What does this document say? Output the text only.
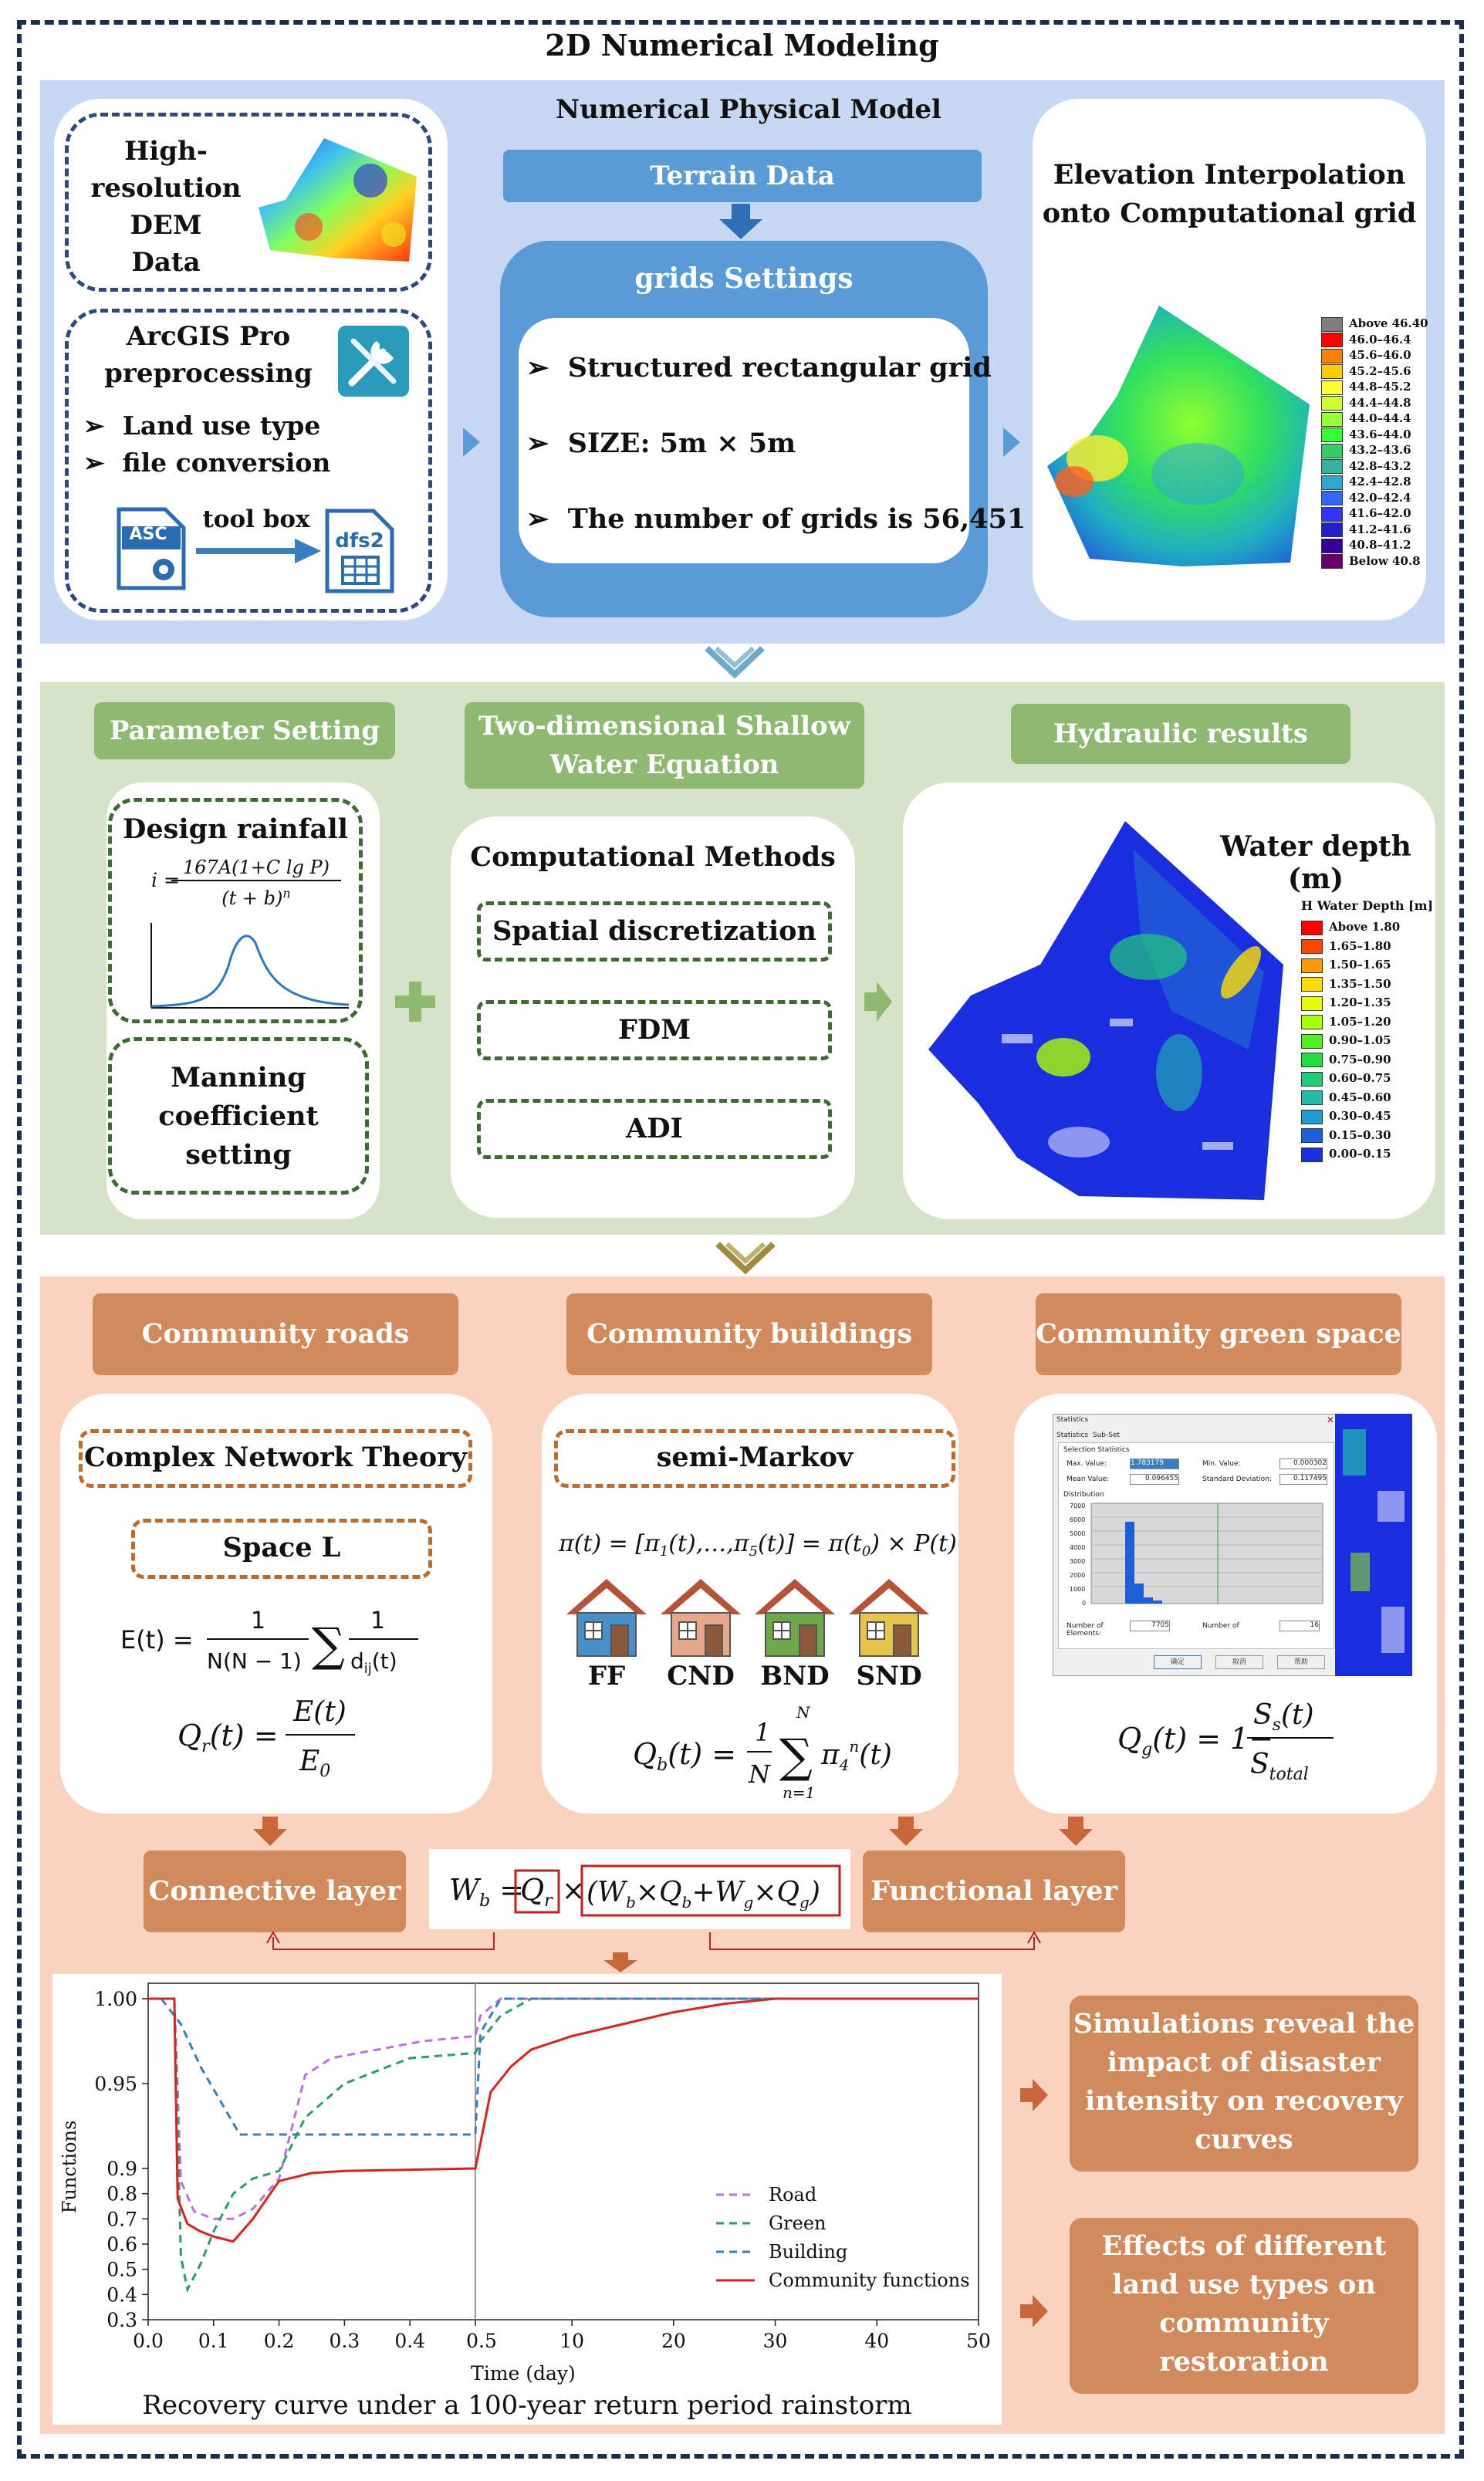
2D Numerical Modeling
Numerical Physical Model
High-
resolution
DEM
Data
ArcGIS Pro
preprocessing
➢  Land use type
➢  file conversion
ASC
tool box
dfs2
Terrain Data
grids Settings
➢  Structured rectangular grid
➢  SIZE: 5m × 5m
➢  The number of grids is 56,451
Elevation Interpolation
onto Computational grid
Above 46.40
46.0–46.4
45.6–46.0
45.2–45.6
44.8–45.2
44.4–44.8
44.0–44.4
43.6–44.0
43.2–43.6
42.8–43.2
42.4–42.8
42.0–42.4
41.6–42.0
41.2–41.6
40.8–41.2
Below 40.8
Parameter Setting	Two-dimensional Shallow
Water Equation
Hydraulic results
Design rainfall
i =
167A(1+C lg P)
$(t + b)^n$
Manning
coefficient
setting
Computational Methods
Spatial discretization
FDM
ADI
Water depth (m)
H Water Depth [m]
Above 1.80
1.65–1.80
1.50–1.65
1.35–1.50
1.20–1.35
1.05–1.20
0.90–1.05
0.75–0.90
0.60–0.75
0.45–0.60
0.30–0.45
0.15–0.30
0.00–0.15
Community roads	Community buildings	Community green space
Complex Network Theory
Space L
E(t) =
1
N(N − 1) ∑ 1
$d_{ij}(t)$
$Q_r(t)$ =
E(t)
$E_0$
semi-Markov
$\pi(t) = [\pi_1(t),\dots,\pi_5(t)] = \pi(t_0) \times P(t)$
FF	CND BND	SND
$Q_b(t)$ =
1
N
N
∑
n=1
$\pi_4^n(t)$
Statistics	✕
Statistics Sub-Set
Selection Statistics
Max. Value:	1.783179	Min. Value:	0.000302
Mean Value:	0.096455	Standard Deviation:	0.117495
Distribution
7000
6000
5000
4000
3000
2000
1000
0
Number of Elements:
7705	Number of	16
确定	取消	帮助
$Q_g(t) = 1-$
$S_s(t)$
$S_{total}$
Connective layer	Functional layer
$W_b$ =
$Q_r \times (W_b\times Q_b+W_g\times Q_g)$
0.0 0.1 0.2 0.3 0.4 0.5	10	20	30	40	50
0.3
0.4
0.5
0.6
0.7
0.8
0.9
0.95
1.00
Time (day)
Functions
Recovery curve under a 100-year return period rainstorm
Road
Green
Building
Community functions
Simulations reveal the
impact of disaster
intensity on recovery
curves
Effects of different
land use types on
community
restoration
